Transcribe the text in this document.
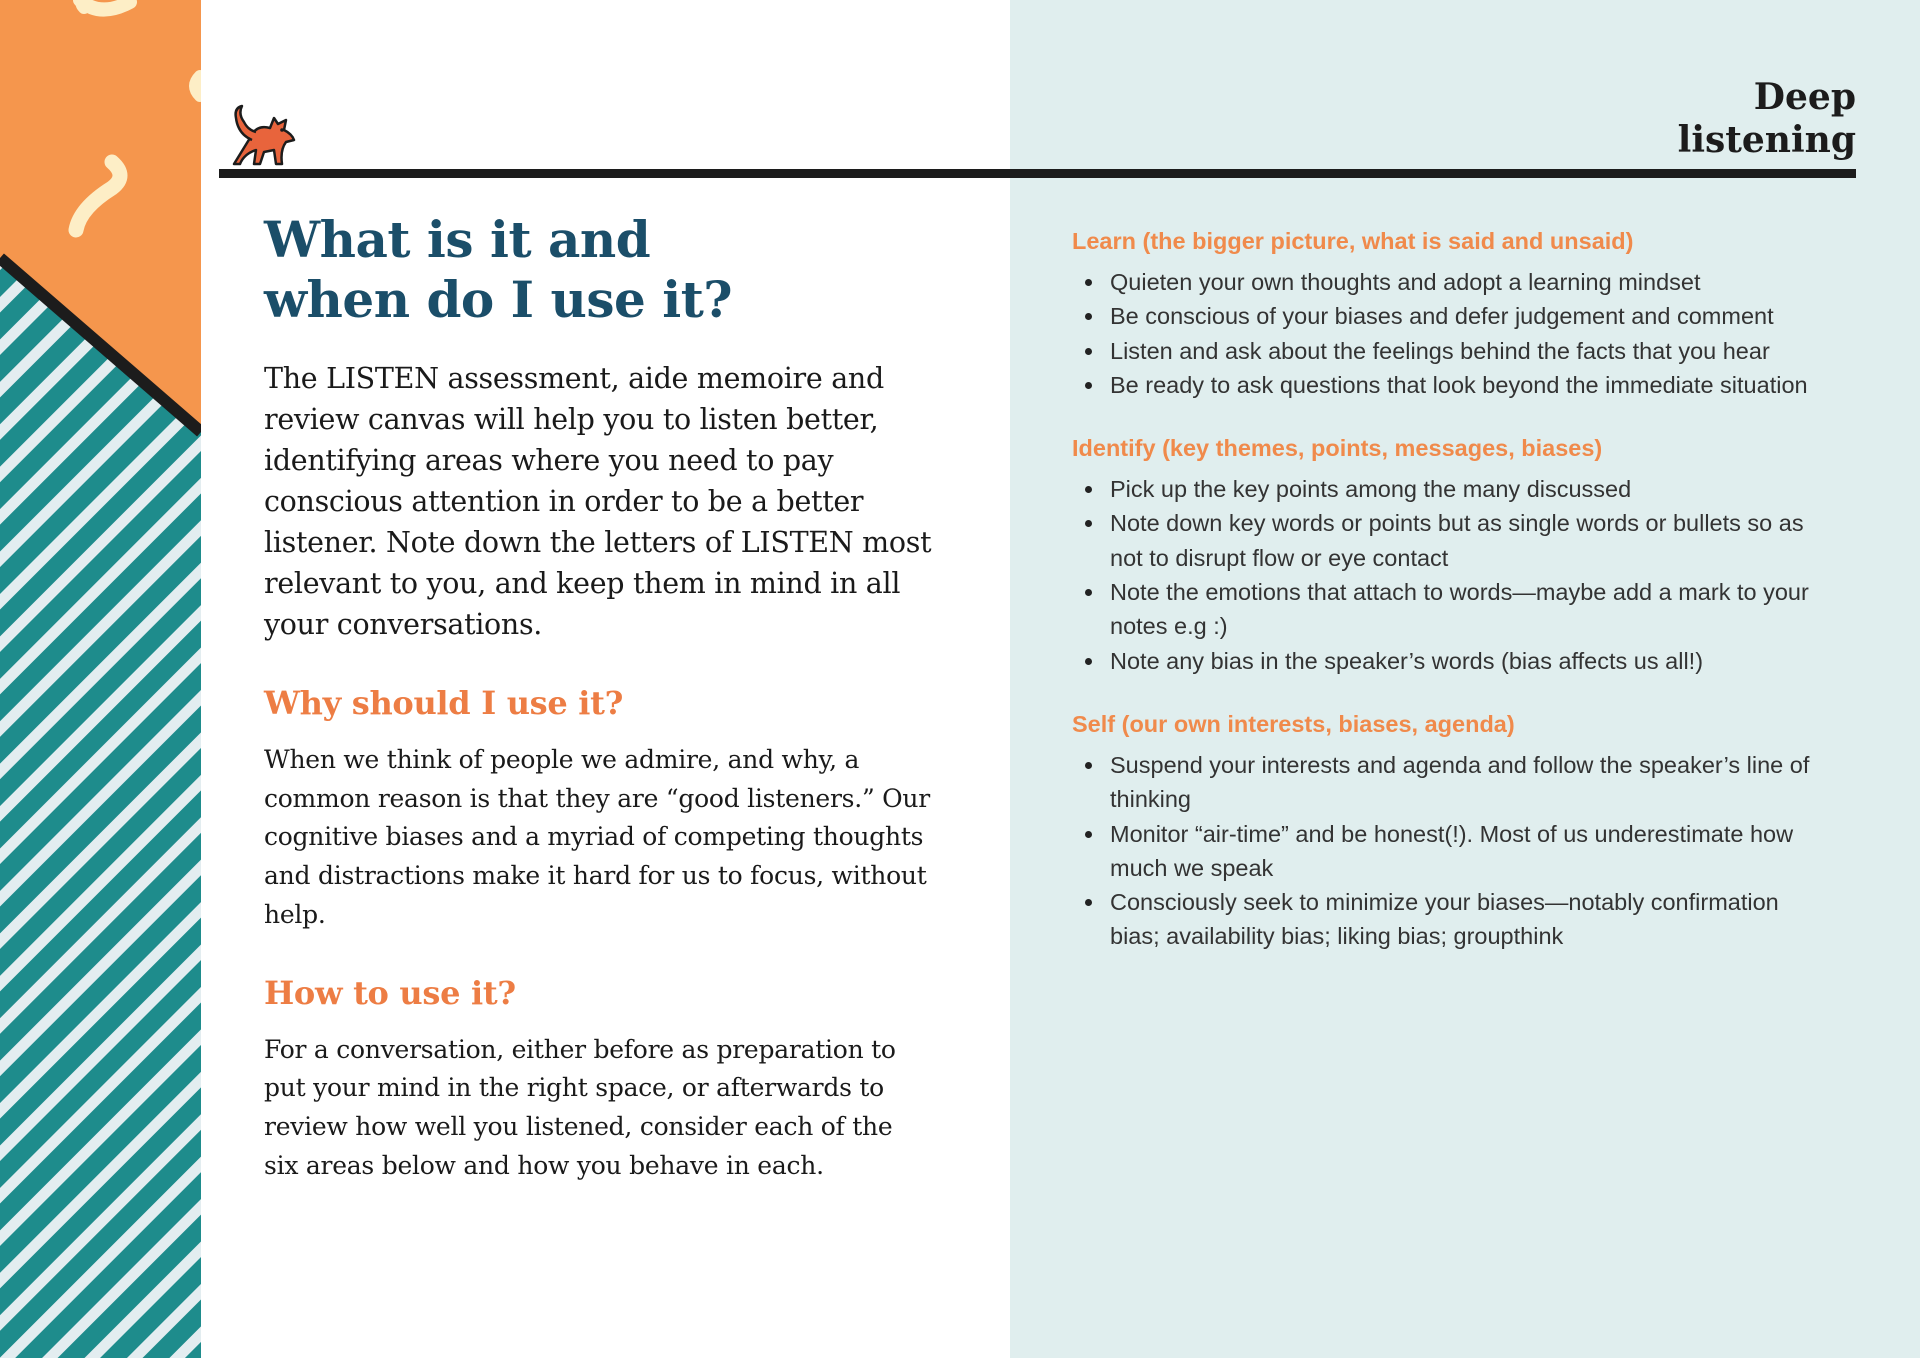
Deep
listening
What is it and
when do I use it?

The LISTEN assessment, aide memoire and review canvas will help you to listen better, identifying areas where you need to pay conscious attention in order to be a better listener. Note down the letters of LISTEN most relevant to you, and keep them in mind in all your conversations.

Why should I use it?

When we think of people we admire, and why, a common reason is that they are “good listeners.” Our cognitive biases and a myriad of competing thoughts and distractions make it hard for us to focus, without help.

How to use it?

For a conversation, either before as preparation to put your mind in the right space, or afterwards to review how well you listened, consider each of the six areas below and how you behave in each.

Learn (the bigger picture, what is said and unsaid)
Quieten your own thoughts and adopt a learning mindset
Be conscious of your biases and defer judgement and comment
Listen and ask about the feelings behind the facts that you hear
Be ready to ask questions that look beyond the immediate situation
Identify (key themes, points, messages, biases)
Pick up the key points among the many discussed
Note down key words or points but as single words or bullets so as not to disrupt flow or eye contact
Note the emotions that attach to words—maybe add a mark to your notes e.g :)
Note any bias in the speaker’s words (bias affects us all!)
Self (our own interests, biases, agenda)
Suspend your interests and agenda and follow the speaker’s line of thinking
Monitor “air-time” and be honest(!). Most of us underestimate how much we speak
Consciously seek to minimize your biases—notably confirmation bias; availability bias; liking bias; groupthink
